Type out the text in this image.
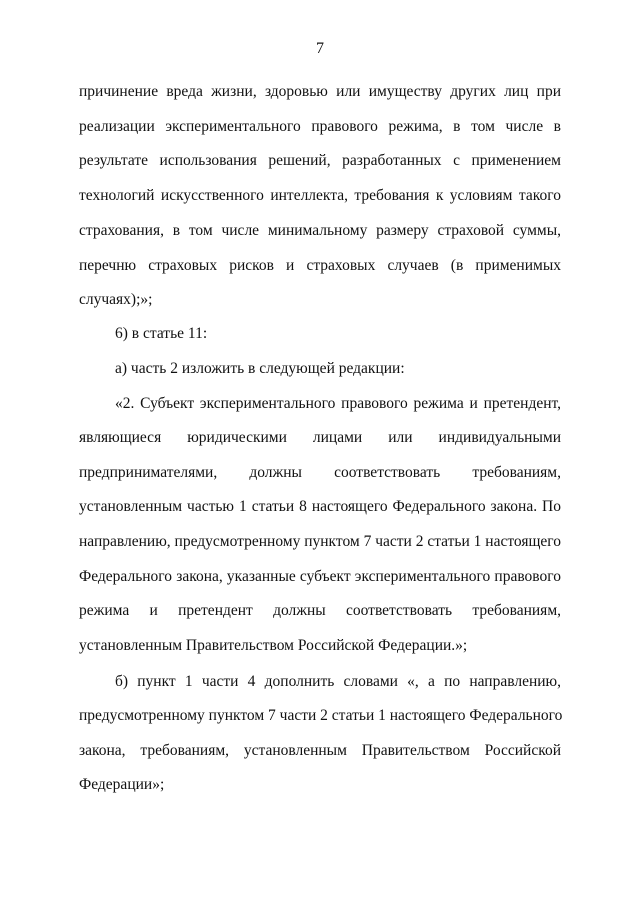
7
причинение вреда жизни, здоровью или имуществу других лиц при
реализации экспериментального правового режима, в том числе в
результате использования решений, разработанных с применением
технологий искусственного интеллекта, требования к условиям такого
страхования, в том числе минимальному размеру страховой суммы,
перечню страховых рисков и страховых случаев (в применимых
случаях);»;
6) в статье 11:
а) часть 2 изложить в следующей редакции:
«2. Субъект экспериментального правового режима и претендент,
являющиеся юридическими лицами или индивидуальными
предпринимателями, должны соответствовать требованиям,
установленным частью 1 статьи 8 настоящего Федерального закона. По
направлению, предусмотренному пунктом 7 части 2 статьи 1 настоящего
Федерального закона, указанные субъект экспериментального правового
режима и претендент должны соответствовать требованиям,
установленным Правительством Российской Федерации.»;
б) пункт 1 части 4 дополнить словами «, а по направлению,
предусмотренному пунктом 7 части 2 статьи 1 настоящего Федерального
закона, требованиям, установленным Правительством Российской
Федерации»;
